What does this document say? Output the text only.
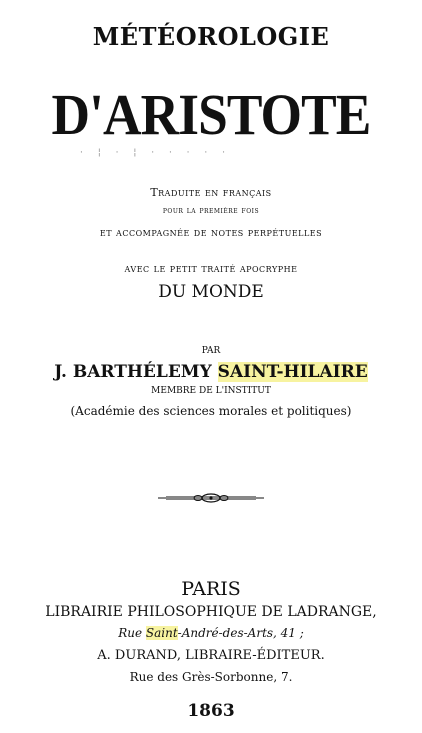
MÉTÉOROLOGIE
D'ARISTOTE
· ¦ · ¦ · · · · ·
Traduite en français
pour la première fois
et accompagnée de notes perpétuelles
avec le petit traité apocryphe
DU MONDE
PAR
J. BARTHÉLEMY SAINT-HILAIRE
MEMBRE DE L'INSTITUT
(Académie des sciences morales et politiques)
PARIS
LIBRAIRIE PHILOSOPHIQUE DE LADRANGE,
Rue Saint-André-des-Arts, 41 ;
A. DURAND, LIBRAIRE-ÉDITEUR.
Rue des Grès-Sorbonne, 7.
1863
